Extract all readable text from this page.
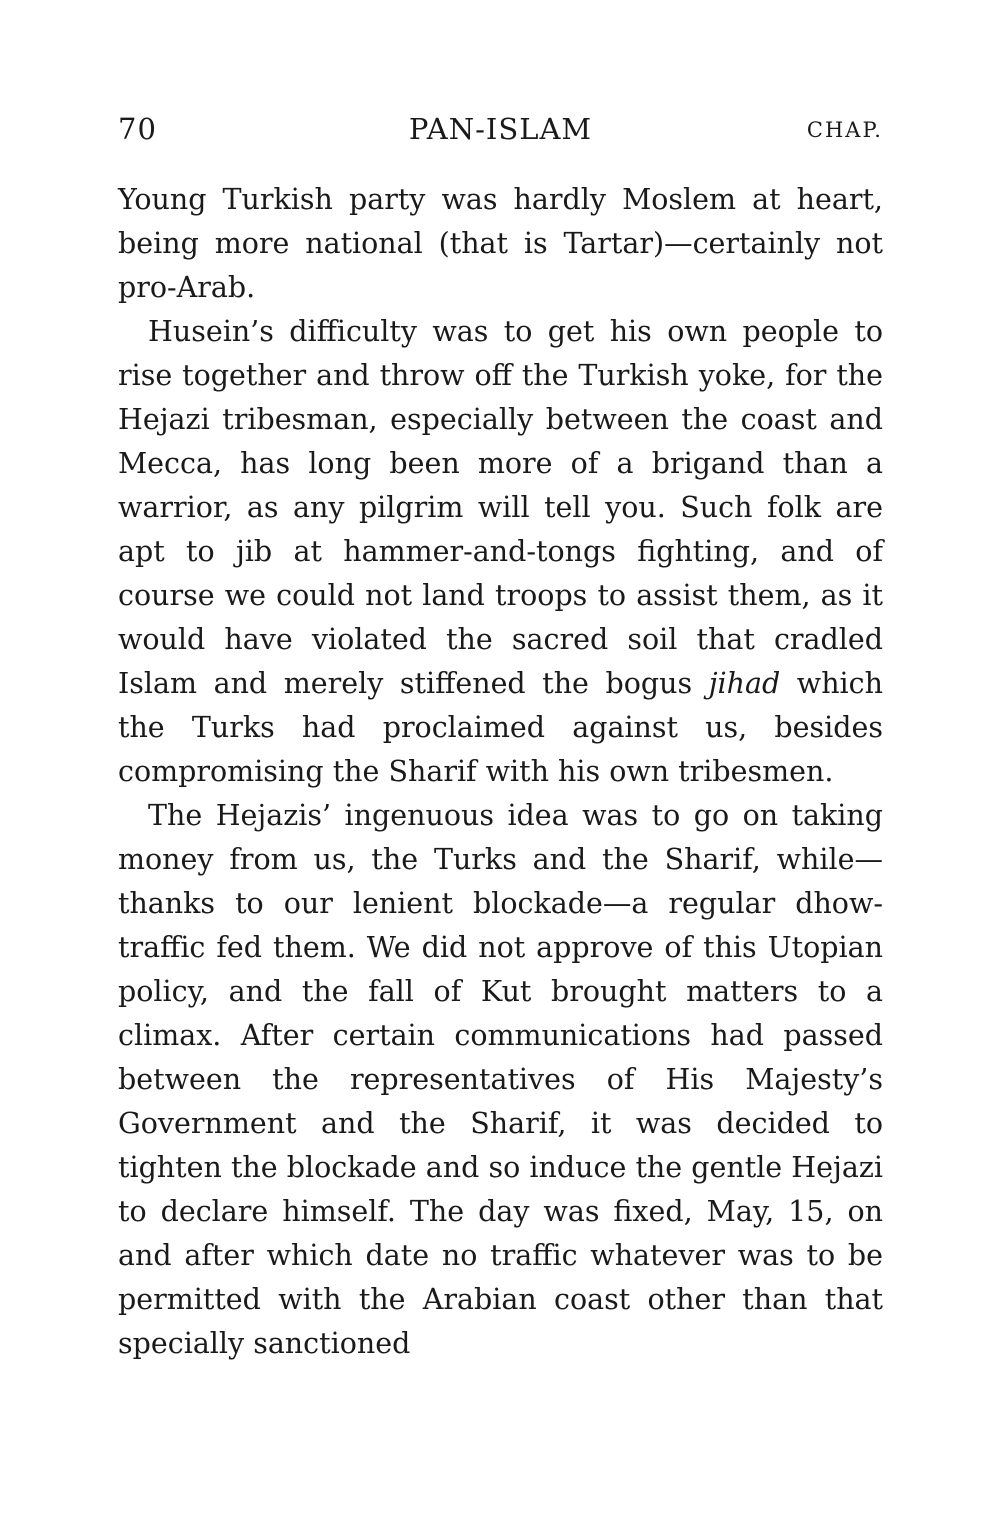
70	PAN-ISLAM	CHAP.

Young Turkish party was hardly Moslem at heart, being more national (that is Tartar)—certainly not pro-Arab.

Husein’s difficulty was to get his own people to rise together and throw off the Turkish yoke, for the Hejazi tribesman, especially between the coast and Mecca, has long been more of a brigand than a warrior, as any pilgrim will tell you. Such folk are apt to jib at hammer-and-tongs fighting, and of course we could not land troops to assist them, as it would have violated the sacred soil that cradled Islam and merely stiffened the bogus jihad which the Turks had proclaimed against us, besides compromising the Sharif with his own tribesmen.

The Hejazis’ ingenuous idea was to go on taking money from us, the Turks and the Sharif, while—thanks to our lenient blockade—a regular dhow-traffic fed them. We did not approve of this Utopian policy, and the fall of Kut brought matters to a climax. After certain communications had passed between the representatives of His Majesty’s Government and the Sharif, it was decided to tighten the blockade and so induce the gentle Hejazi to declare himself. The day was fixed, May, 15, on and after which date no traffic whatever was to be permitted with the Arabian coast other than that specially sanctioned
